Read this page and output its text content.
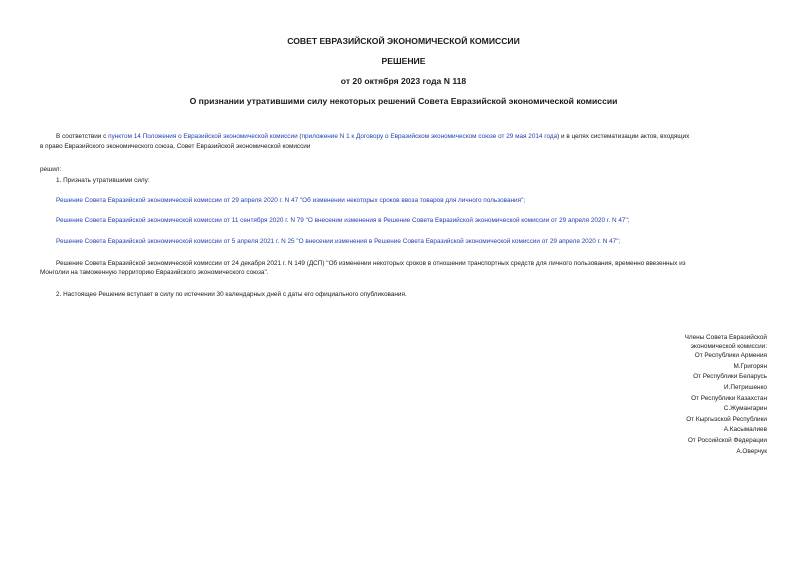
СОВЕТ ЕВРАЗИЙСКОЙ ЭКОНОМИЧЕСКОЙ КОМИССИИ
РЕШЕНИЕ
от 20 октября 2023 года N 118
О признании утратившими силу некоторых решений Совета Евразийской экономической комиссии
В соответствии с пунктом 14 Положения о Евразийской экономической комиссии (приложение N 1 к Договору о Евразийском экономическом союзе от 29 мая 2014 года) и в целях систематизации актов, входящих
в право Евразийского экономического союза, Совет Евразийской экономической комиссии
решил:
1. Признать утратившими силу:
Решение Совета Евразийской экономической комиссии от 29 апреля 2020 г. N 47 "Об изменении некоторых сроков ввоза товаров для личного пользования";
Решение Совета Евразийской экономической комиссии от 11 сентября 2020 г. N 79 "О внесении изменения в Решение Совета Евразийской экономической комиссии от 29 апреля 2020 г. N 47";
Решение Совета Евразийской экономической комиссии от 5 апреля 2021 г. N 25 "О внесении изменения в Решение Совета Евразийской экономической комиссии от 29 апреля 2020 г. N 47";
Решение Совета Евразийской экономической комиссии от 24 декабря 2021 г. N 149 (ДСП) "Об изменении некоторых сроков в отношении транспортных средств для личного пользования, временно ввезенных из
Монголии на таможенную территорию Евразийского экономического союза".
2. Настоящее Решение вступает в силу по истечении 30 календарных дней с даты его официального опубликования.
Члены Совета Евразийской
экономической комиссии:
От Республики Армения
М.Григорян
От Республики Беларусь
И.Петришенко
От Республики Казахстан
С.Жумангарин
От Кыргызской Республики
А.Касымалиев
От Российской Федерации
А.Оверчук
